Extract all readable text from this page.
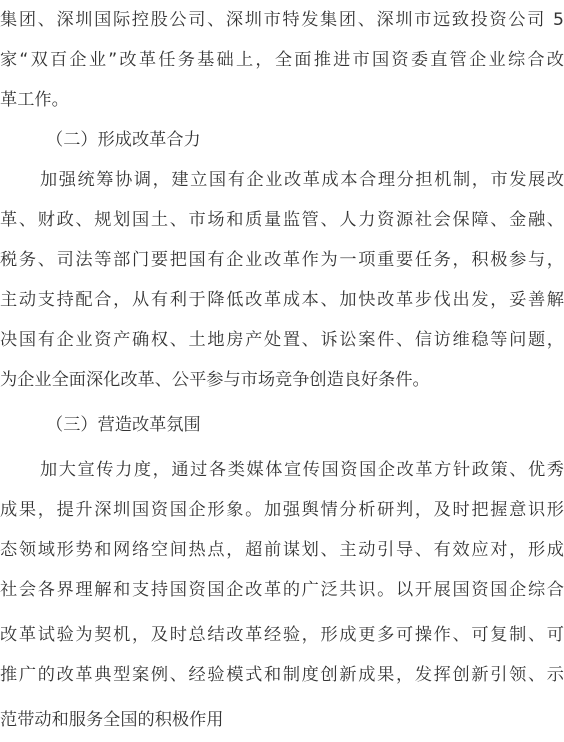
集团、深圳国际控股公司、深圳市特发集团、深圳市远致投资公司 5
家“双百企业”改革任务基础上，全面推进市国资委直管企业综合改
革工作。
（二）形成改革合力
加强统筹协调，建立国有企业改革成本合理分担机制，市发展改
革、财政、规划国土、市场和质量监管、人力资源社会保障、金融、
税务、司法等部门要把国有企业改革作为一项重要任务，积极参与，
主动支持配合，从有利于降低改革成本、加快改革步伐出发，妥善解
决国有企业资产确权、土地房产处置、诉讼案件、信访维稳等问题，
为企业全面深化改革、公平参与市场竞争创造良好条件。
（三）营造改革氛围
加大宣传力度，通过各类媒体宣传国资国企改革方针政策、优秀
成果，提升深圳国资国企形象。加强舆情分析研判，及时把握意识形
态领域形势和网络空间热点，超前谋划、主动引导、有效应对，形成
社会各界理解和支持国资国企改革的广泛共识。以开展国资国企综合
改革试验为契机，及时总结改革经验，形成更多可操作、可复制、可
推广的改革典型案例、经验模式和制度创新成果，发挥创新引领、示
范带动和服务全国的积极作用
